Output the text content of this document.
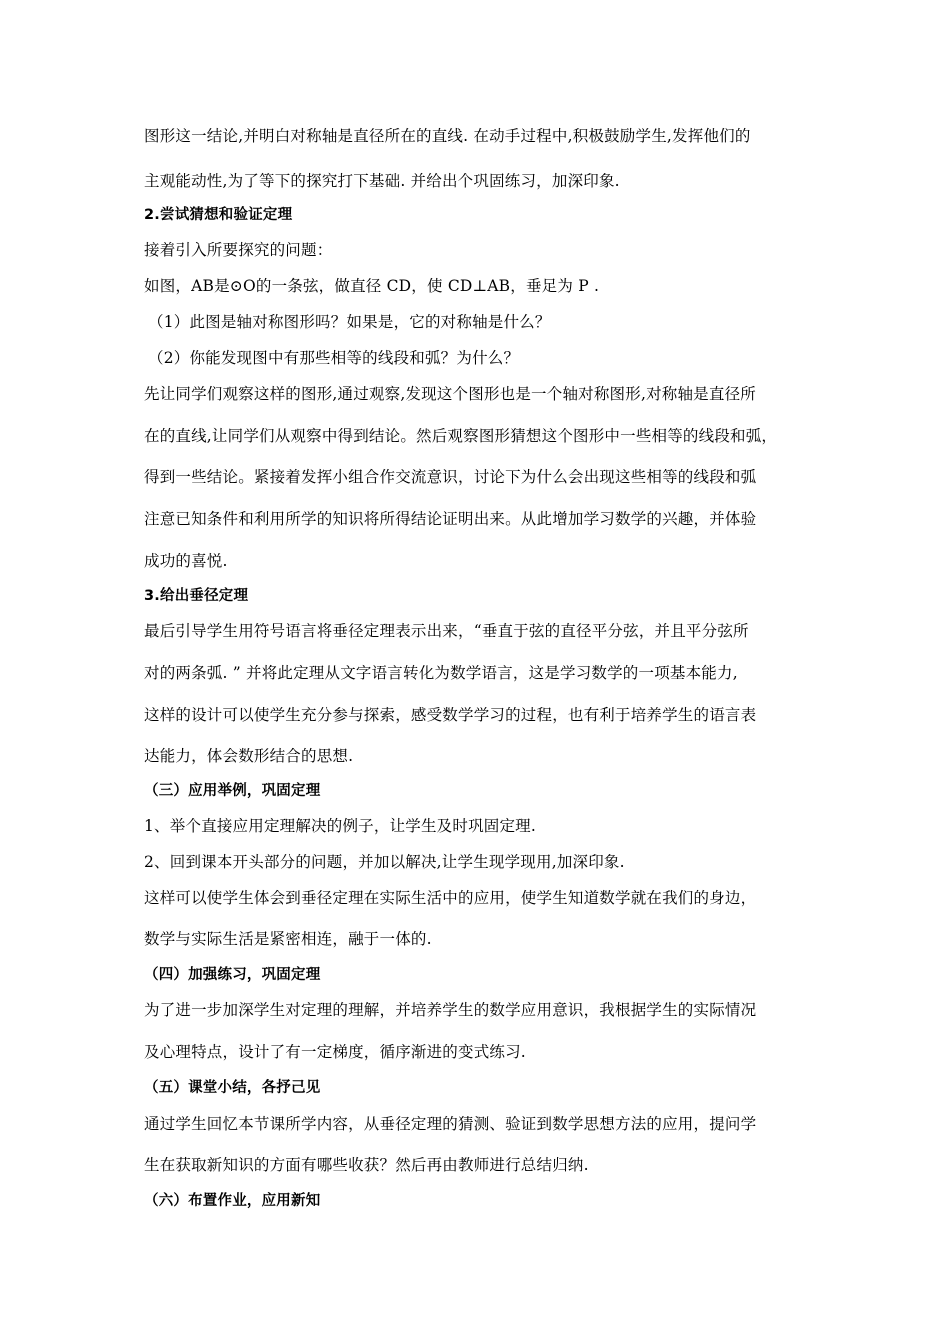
图形这一结论,并明白对称轴是直径所在的直线. 在动手过程中,积极鼓励学生,发挥他们的
主观能动性,为了等下的探究打下基础. 并给出个巩固练习，加深印象.
2.尝试猜想和验证定理
接着引入所要探究的问题：
如图，AB是⊙O的一条弦，做直径 CD，使 CD⊥AB，垂足为 P .
（1）此图是轴对称图形吗？如果是，它的对称轴是什么？
（2）你能发现图中有那些相等的线段和弧？为什么？
先让同学们观察这样的图形,通过观察,发现这个图形也是一个轴对称图形,对称轴是直径所
在的直线,让同学们从观察中得到结论。然后观察图形猜想这个图形中一些相等的线段和弧，
得到一些结论。紧接着发挥小组合作交流意识，讨论下为什么会出现这些相等的线段和弧
注意已知条件和利用所学的知识将所得结论证明出来。从此增加学习数学的兴趣，并体验
成功的喜悦.
3.给出垂径定理
最后引导学生用符号语言将垂径定理表示出来，“垂直于弦的直径平分弦，并且平分弦所
对的两条弧. ” 并将此定理从文字语言转化为数学语言，这是学习数学的一项基本能力,
这样的设计可以使学生充分参与探索，感受数学学习的过程，也有利于培养学生的语言表
达能力，体会数形结合的思想.
（三）应用举例，巩固定理
1、举个直接应用定理解决的例子，让学生及时巩固定理.
2、回到课本开头部分的问题，并加以解决,让学生现学现用,加深印象.
这样可以使学生体会到垂径定理在实际生活中的应用，使学生知道数学就在我们的身边，
数学与实际生活是紧密相连，融于一体的.
（四）加强练习，巩固定理
为了进一步加深学生对定理的理解，并培养学生的数学应用意识，我根据学生的实际情况
及心理特点，设计了有一定梯度，循序渐进的变式练习.
（五）课堂小结，各抒己见
通过学生回忆本节课所学内容，从垂径定理的猜测、验证到数学思想方法的应用，提问学
生在获取新知识的方面有哪些收获？然后再由教师进行总结归纳.
（六）布置作业，应用新知
